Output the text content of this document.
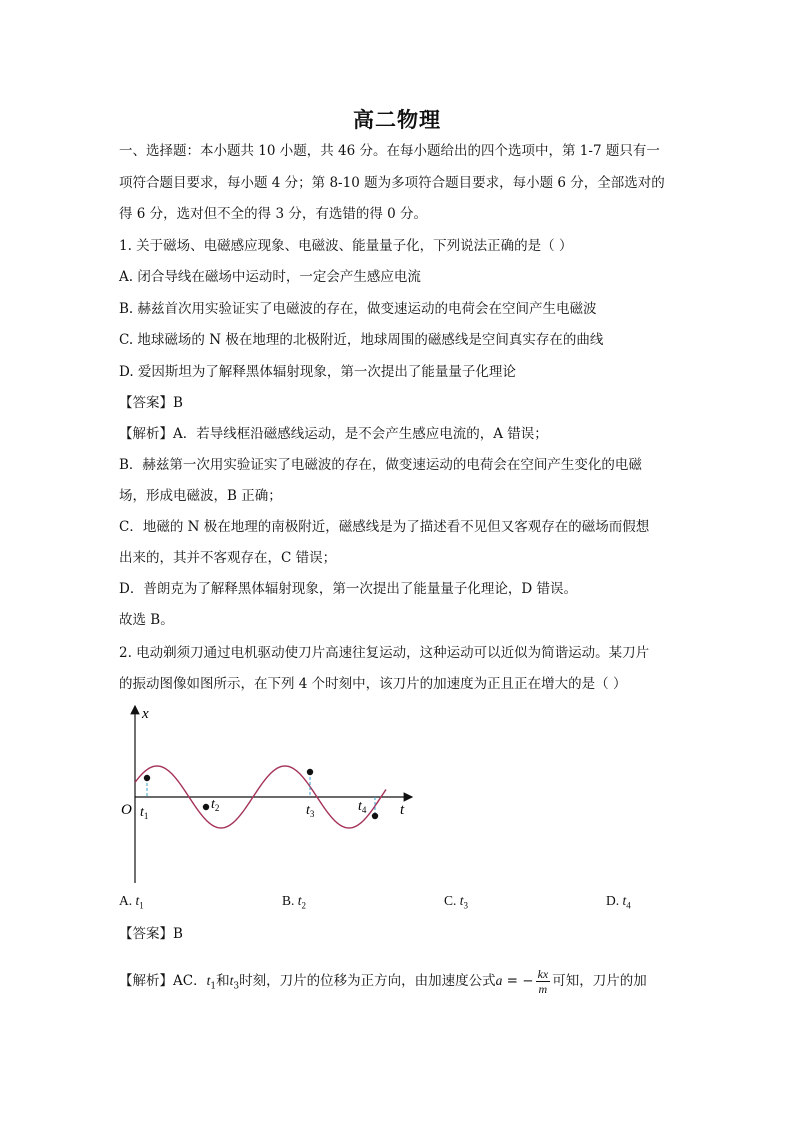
高二物理
一、选择题：本小题共 10 小题，共 46 分。在每小题给出的四个选项中，第 1-7 题只有一
项符合题目要求，每小题 4 分；第 8-10 题为多项符合题目要求，每小题 6 分，全部选对的
得 6 分，选对但不全的得 3 分，有选错的得 0 分。
1. 关于磁场、电磁感应现象、电磁波、能量量子化，下列说法正确的是（ ）
A. 闭合导线在磁场中运动时，一定会产生感应电流
B. 赫兹首次用实验证实了电磁波的存在，做变速运动的电荷会在空间产生电磁波
C. 地球磁场的 N 极在地理的北极附近，地球周围的磁感线是空间真实存在的曲线
D. 爱因斯坦为了解释黑体辐射现象，第一次提出了能量量子化理论
【答案】B
【解析】A．若导线框沿磁感线运动，是不会产生感应电流的，A 错误；
B．赫兹第一次用实验证实了电磁波的存在，做变速运动的电荷会在空间产生变化的电磁
场，形成电磁波，B 正确；
C．地磁的 N 极在地理的南极附近，磁感线是为了描述看不见但又客观存在的磁场而假想
出来的，其并不客观存在，C 错误；
D．普朗克为了解释黑体辐射现象，第一次提出了能量量子化理论，D 错误。
故选 B。
2. 电动剃须刀通过电机驱动使刀片高速往复运动，这种运动可以近似为简谐运动。某刀片
的振动图像如图所示，在下列 4 个时刻中，该刀片的加速度为正且正在增大的是（ ）
x
t
O $t_1$
$t_2$	$t_3$	$t_4$
A. $t_1$	B. $t_2$	C. $t_3$	D. $t_4$
【答案】B
【解析】AC．$t_1$和$t_3$时刻，刀片的位移为正方向，由加速度公式a = − $\frac{kx}{m}$ 可知，刀片的加
